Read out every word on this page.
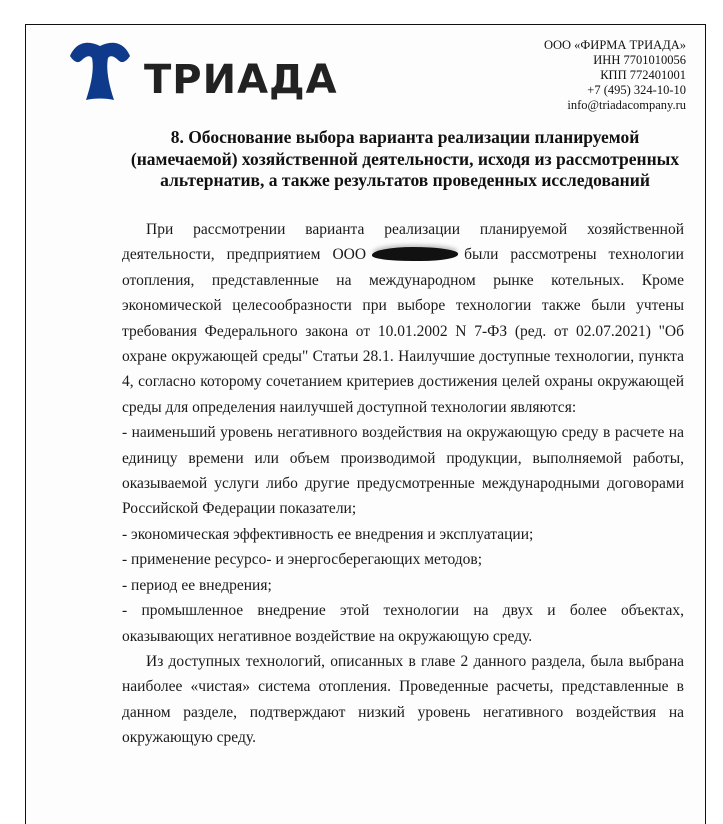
ТРИАДА
ООО «ФИРМА ТРИАДА»
ИНН 7701010056
КПП 772401001
+7 (495) 324-10-10
info@triadacompany.ru
8. Обоснование выбора варианта реализации планируемой
(намечаемой) хозяйственной деятельности, исходя из рассмотренных
альтернатив, а также результатов проведенных исследований

При рассмотрении варианта реализации планируемой хозяйственной деятельности, предприятием ООО	были рассмотрены технологии отопления, представленные на международном рынке котельных. Кроме экономической целесообразности при выборе технологии также были учтены требования Федерального закона от 10.01.2002 N 7-ФЗ (ред. от 02.07.2021) "Об охране окружающей среды" Статьи 28.1. Наилучшие доступные технологии, пункта 4, согласно которому сочетанием критериев достижения целей охраны окружающей среды для определения наилучшей доступной технологии являются:

- наименьший уровень негативного воздействия на окружающую среду в расчете на единицу времени или объем производимой продукции, выполняемой работы, оказываемой услуги либо другие предусмотренные международными договорами Российской Федерации показатели;

- экономическая эффективность ее внедрения и эксплуатации;

- применение ресурсо- и энергосберегающих методов;

- период ее внедрения;

- промышленное внедрение этой технологии на двух и более объектах, оказывающих негативное воздействие на окружающую среду.

Из доступных технологий, описанных в главе 2 данного раздела, была выбрана наиболее «чистая» система отопления. Проведенные расчеты, представленные в данном разделе, подтверждают низкий уровень негативного воздействия на окружающую среду.
